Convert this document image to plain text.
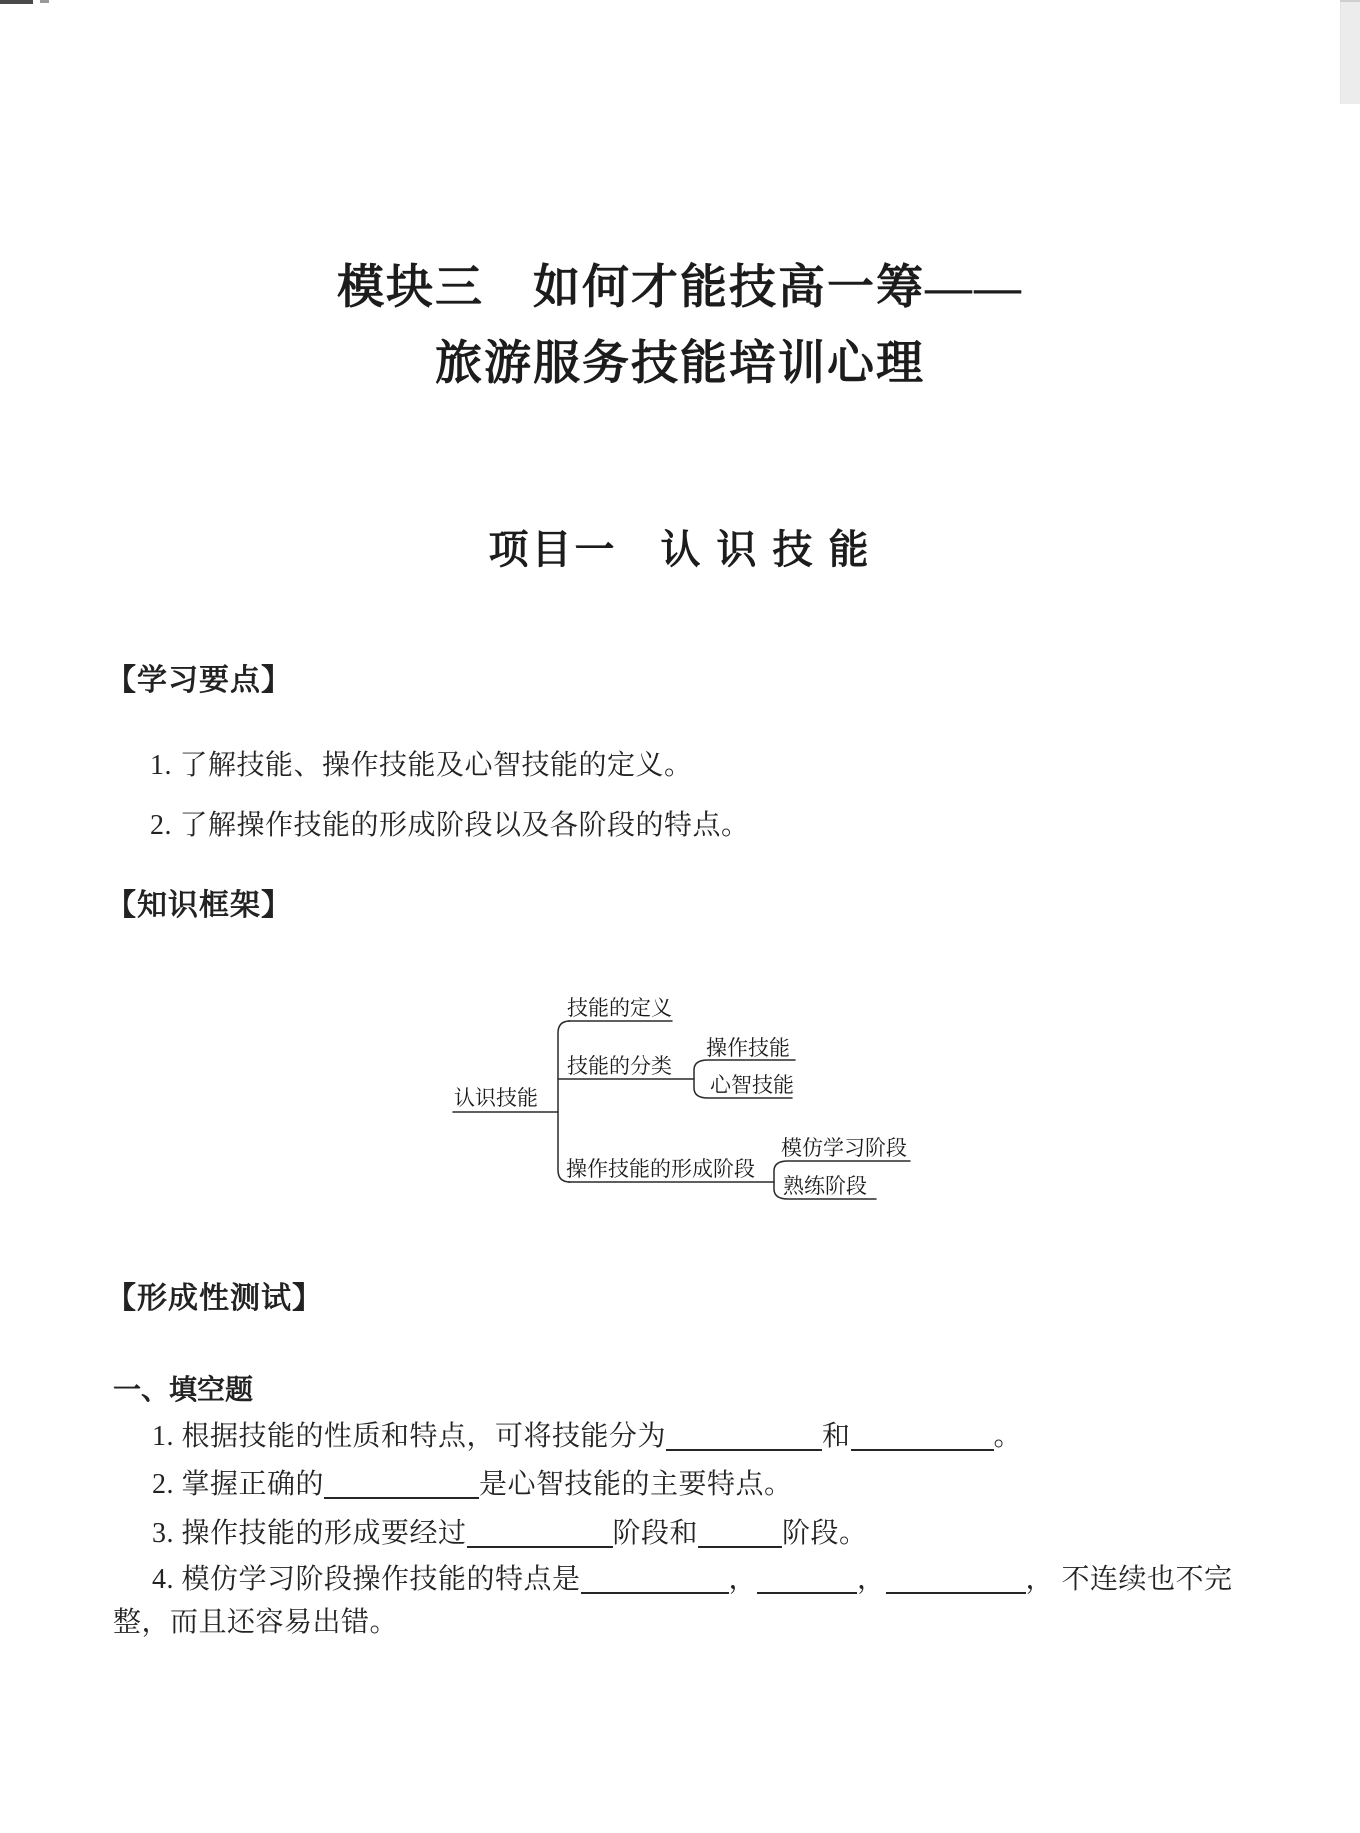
模块三　如何才能技高一筹——
旅游服务技能培训心理
项目一　认 识 技 能
【学习要点】
1. 了解技能、操作技能及心智技能的定义。
2. 了解操作技能的形成阶段以及各阶段的特点。
【知识框架】
认识技能
技能的定义
技能的分类
操作技能
心智技能
操作技能的形成阶段
模仿学习阶段
熟练阶段
【形成性测试】
一、填空题
1. 根据技能的性质和特点，可将技能分为	和	。
2. 掌握正确的	是心智技能的主要特点。
3. 操作技能的形成要经过	阶段和	阶段。
4. 模仿学习阶段操作技能的特点是	，	，	， 不连续也不完
整，而且还容易出错。
